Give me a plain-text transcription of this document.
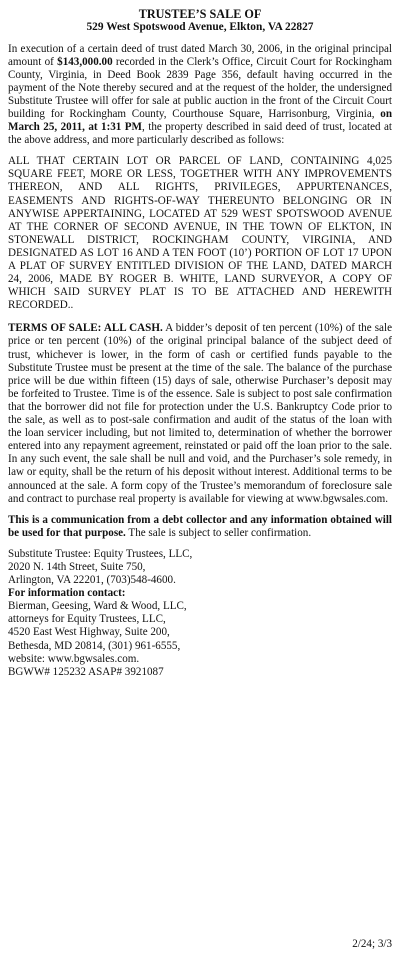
TRUSTEE’S SALE OF
529 West Spotswood Avenue, Elkton, VA 22827

In execution of a certain deed of trust dated March 30, 2006, in the original principal amount of $143,000.00 recorded in the Clerk’s Office, Circuit Court for Rockingham County, Virginia, in Deed Book 2839 Page 356, default having occurred in the payment of the Note thereby secured and at the request of the holder, the undersigned Substitute Trustee will offer for sale at public auction in the front of the Circuit Court building for Rockingham County, Courthouse Square, Harrisonburg, Virginia, on March 25, 2011, at 1:31 PM, the property described in said deed of trust, located at the above address, and more particularly described as follows:

ALL THAT CERTAIN LOT OR PARCEL OF LAND, CONTAINING 4,025 SQUARE FEET, MORE OR LESS, TOGETHER WITH ANY IMPROVEMENTS THEREON, AND ALL RIGHTS, PRIVILEGES, APPURTENANCES, EASEMENTS AND RIGHTS-OF-WAY THEREUNTO BELONGING OR IN ANYWISE APPERTAINING, LOCATED AT 529 WEST SPOTSWOOD AVENUE AT THE CORNER OF SECOND AVENUE, IN THE TOWN OF ELKTON, IN STONEWALL DISTRICT, ROCKINGHAM COUNTY, VIRGINIA, AND DESIGNATED AS LOT 16 AND A TEN FOOT (10’) PORTION OF LOT 17 UPON A PLAT OF SURVEY ENTITLED DIVISION OF THE LAND, DATED MARCH 24, 2006, MADE BY ROGER B. WHITE, LAND SURVEYOR, A COPY OF WHICH SAID SURVEY PLAT IS TO BE ATTACHED AND HEREWITH RECORDED..

TERMS OF SALE: ALL CASH. A bidder’s deposit of ten percent (10%) of the sale price or ten percent (10%) of the original principal balance of the subject deed of trust, whichever is lower, in the form of cash or certified funds payable to the Substitute Trustee must be present at the time of the sale. The balance of the purchase price will be due within fifteen (15) days of sale, otherwise Purchaser’s deposit may be forfeited to Trustee. Time is of the essence. Sale is subject to post sale confirmation that the borrower did not file for protection under the U.S. Bankruptcy Code prior to the sale, as well as to post-sale confirmation and audit of the status of the loan with the loan servicer including, but not limited to, determination of whether the borrower entered into any repayment agreement, reinstated or paid off the loan prior to the sale. In any such event, the sale shall be null and void, and the Purchaser’s sole remedy, in law or equity, shall be the return of his deposit without interest. Additional terms to be announced at the sale. A form copy of the Trustee’s memorandum of foreclosure sale and contract to purchase real property is available for viewing at www.bgwsales.com.

This is a communication from a debt collector and any information obtained will be used for that purpose. The sale is subject to seller confirmation.

Substitute Trustee: Equity Trustees, LLC,
2020 N. 14th Street, Suite 750,
Arlington, VA 22201, (703)548-4600.
For information contact:
Bierman, Geesing, Ward & Wood, LLC,
attorneys for Equity Trustees, LLC,
4520 East West Highway, Suite 200,
Bethesda, MD 20814, (301) 961-6555,
website: www.bgwsales.com.
BGWW# 125232 ASAP# 3921087
2/24; 3/3
